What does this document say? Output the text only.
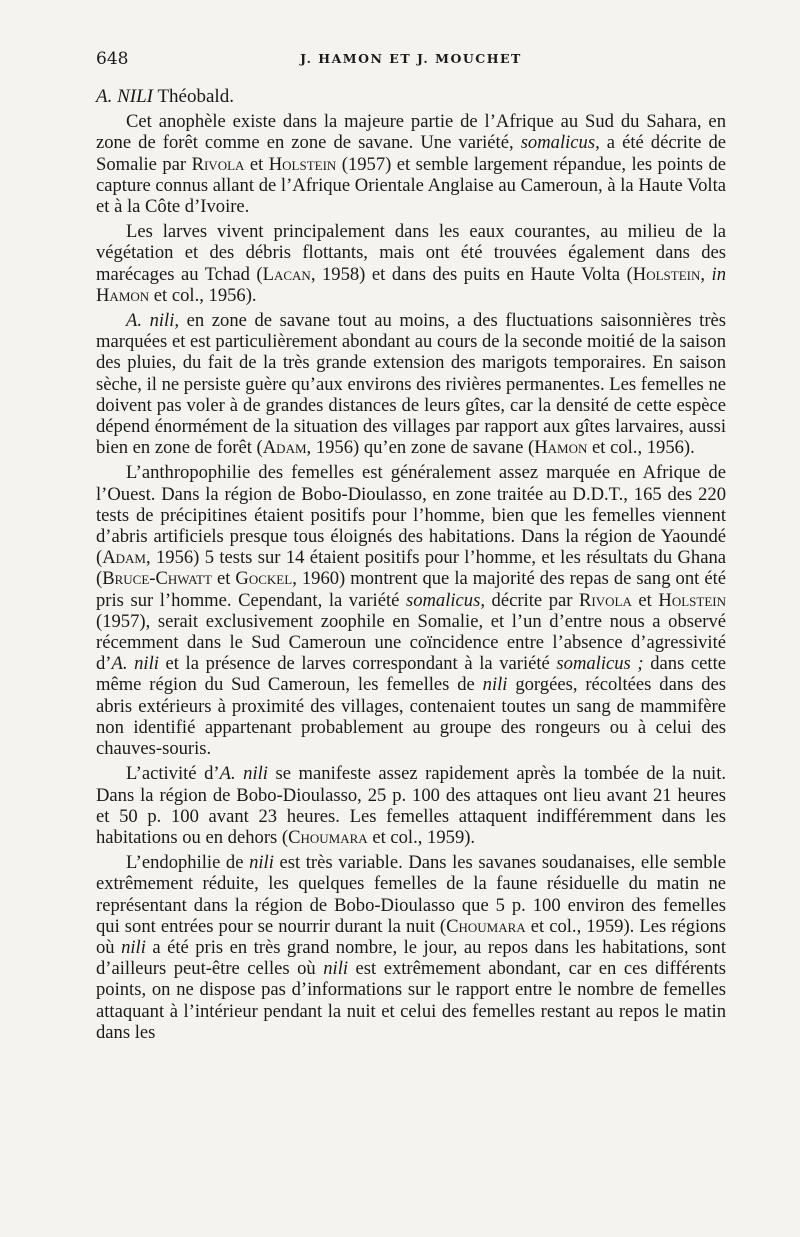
648	J. HAMON ET J. MOUCHET
A. NILI Théobald.

Cet anophèle existe dans la majeure partie de l’Afrique au Sud du Sahara, en zone de forêt comme en zone de savane. Une variété, somalicus, a été décrite de Somalie par Rivola et Holstein (1957) et semble largement répandue, les points de capture connus allant de l’Afrique Orientale Anglaise au Cameroun, à la Haute Volta et à la Côte d’Ivoire.

Les larves vivent principalement dans les eaux courantes, au milieu de la végétation et des débris flottants, mais ont été trouvées également dans des marécages au Tchad (Lacan, 1958) et dans des puits en Haute Volta (Holstein, in Hamon et col., 1956).

A. nili, en zone de savane tout au moins, a des fluctuations saisonnières très marquées et est particulièrement abondant au cours de la seconde moitié de la saison des pluies, du fait de la très grande extension des marigots temporaires. En saison sèche, il ne persiste guère qu’aux environs des rivières permanentes. Les femelles ne doivent pas voler à de grandes distances de leurs gîtes, car la densité de cette espèce dépend énormément de la situation des villages par rapport aux gîtes larvaires, aussi bien en zone de forêt (Adam, 1956) qu’en zone de savane (Hamon et col., 1956).

L’anthropophilie des femelles est généralement assez marquée en Afrique de l’Ouest. Dans la région de Bobo-Dioulasso, en zone traitée au D.D.T., 165 des 220 tests de précipitines étaient positifs pour l’homme, bien que les femelles viennent d’abris artificiels presque tous éloignés des habitations. Dans la région de Yaoundé (Adam, 1956) 5 tests sur 14 étaient positifs pour l’homme, et les résultats du Ghana (Bruce-Chwatt et Gockel, 1960) montrent que la majorité des repas de sang ont été pris sur l’homme. Cependant, la variété somalicus, décrite par Rivola et Holstein (1957), serait exclusivement zoophile en Somalie, et l’un d’entre nous a observé récemment dans le Sud Cameroun une coïncidence entre l’absence d’agressivité d’A. nili et la présence de larves correspondant à la variété somalicus ; dans cette même région du Sud Cameroun, les femelles de nili gorgées, récoltées dans des abris extérieurs à proximité des villages, contenaient toutes un sang de mammifère non identifié appartenant probablement au groupe des rongeurs ou à celui des chauves-souris.

L’activité d’A. nili se manifeste assez rapidement après la tombée de la nuit. Dans la région de Bobo-Dioulasso, 25 p. 100 des attaques ont lieu avant 21 heures et 50 p. 100 avant 23 heures. Les femelles attaquent indifféremment dans les habitations ou en dehors (Choumara et col., 1959).

L’endophilie de nili est très variable. Dans les savanes soudanaises, elle semble extrêmement réduite, les quelques femelles de la faune résiduelle du matin ne représentant dans la région de Bobo-Dioulasso que 5 p. 100 environ des femelles qui sont entrées pour se nourrir durant la nuit (Choumara et col., 1959). Les régions où nili a été pris en très grand nombre, le jour, au repos dans les habitations, sont d’ailleurs peut-être celles où nili est extrêmement abondant, car en ces différents points, on ne dispose pas d’informations sur le rapport entre le nombre de femelles attaquant à l’intérieur pendant la nuit et celui des femelles restant au repos le matin dans les
